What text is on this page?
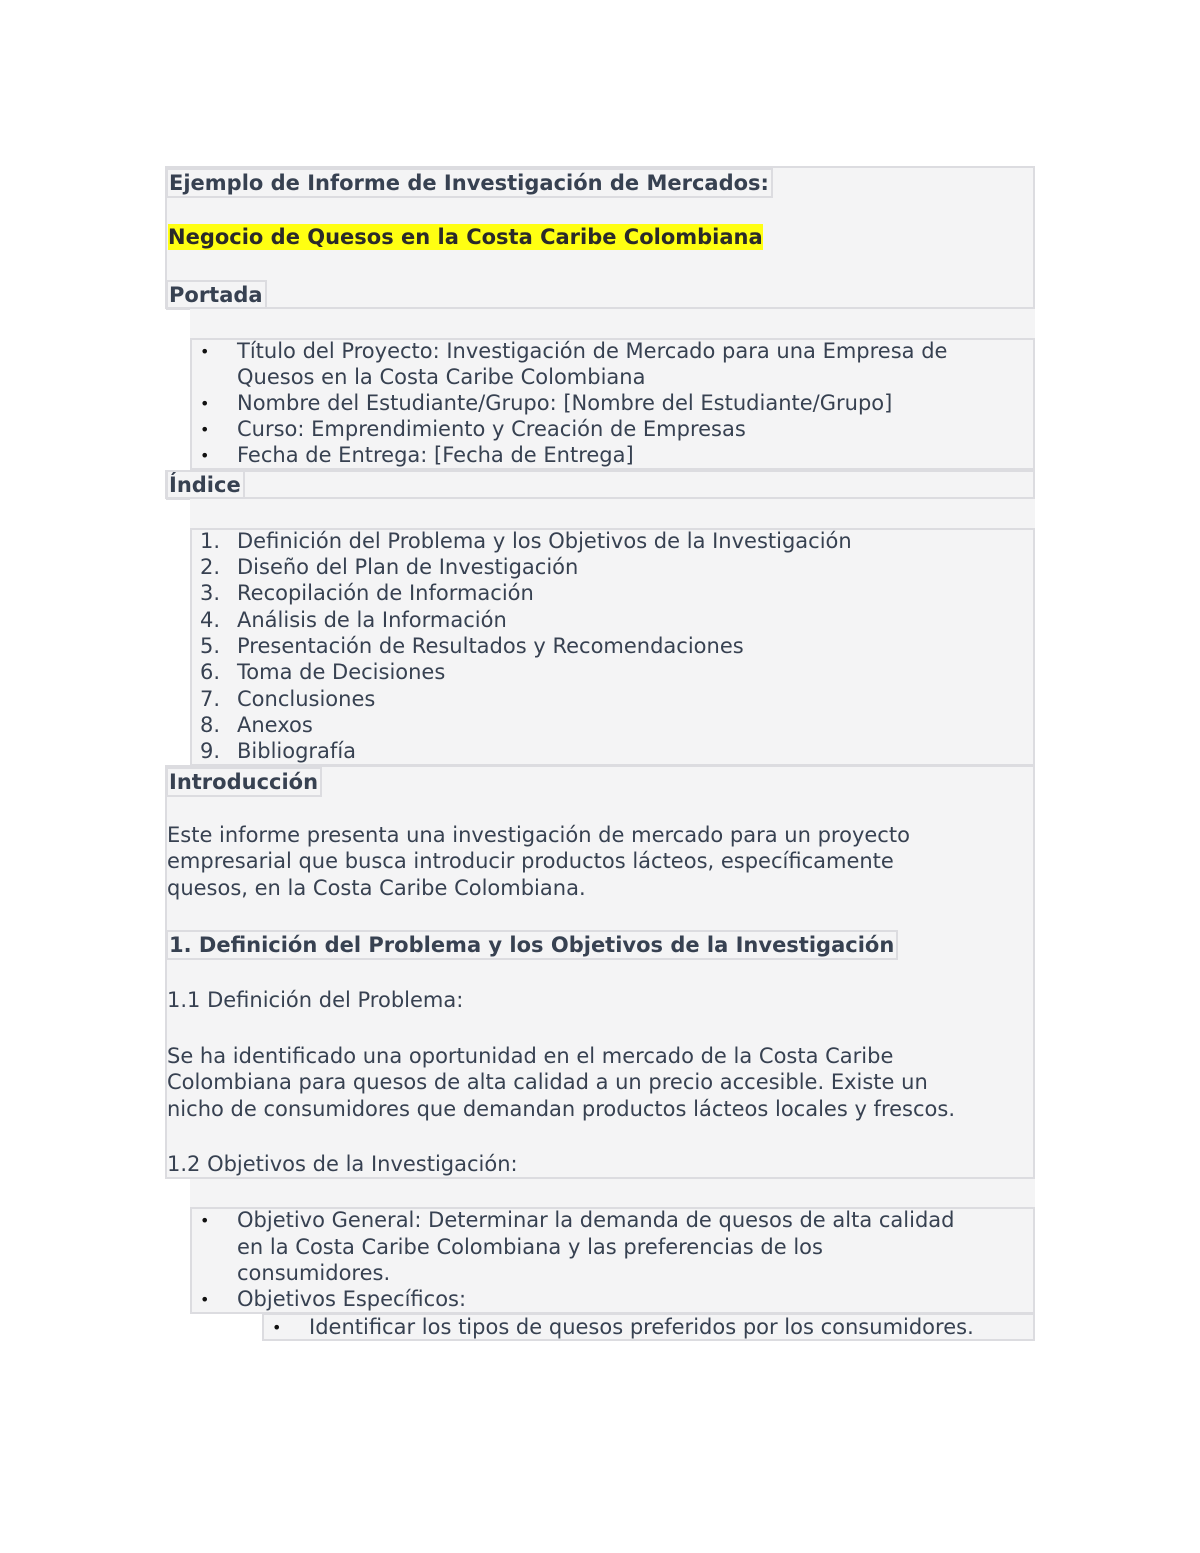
Ejemplo de Informe de Investigación de Mercados:
Negocio de Quesos en la Costa Caribe Colombiana
Portada
• Título del Proyecto: Investigación de Mercado para una Empresa de
Quesos en la Costa Caribe Colombiana
• Nombre del Estudiante/Grupo: [Nombre del Estudiante/Grupo]
• Curso: Emprendimiento y Creación de Empresas
• Fecha de Entrega: [Fecha de Entrega]
Índice
1. Definición del Problema y los Objetivos de la Investigación
2. Diseño del Plan de Investigación
3. Recopilación de Información
4. Análisis de la Información
5. Presentación de Resultados y Recomendaciones
6. Toma de Decisiones
7. Conclusiones
8. Anexos
9. Bibliografía
Introducción
Este informe presenta una investigación de mercado para un proyecto
empresarial que busca introducir productos lácteos, específicamente
quesos, en la Costa Caribe Colombiana.
1. Definición del Problema y los Objetivos de la Investigación
1.1 Definición del Problema:
Se ha identificado una oportunidad en el mercado de la Costa Caribe
Colombiana para quesos de alta calidad a un precio accesible. Existe un
nicho de consumidores que demandan productos lácteos locales y frescos.
1.2 Objetivos de la Investigación:
• Objetivo General: Determinar la demanda de quesos de alta calidad
en la Costa Caribe Colombiana y las preferencias de los
consumidores.
• Objetivos Específicos:
• Identificar los tipos de quesos preferidos por los consumidores.
